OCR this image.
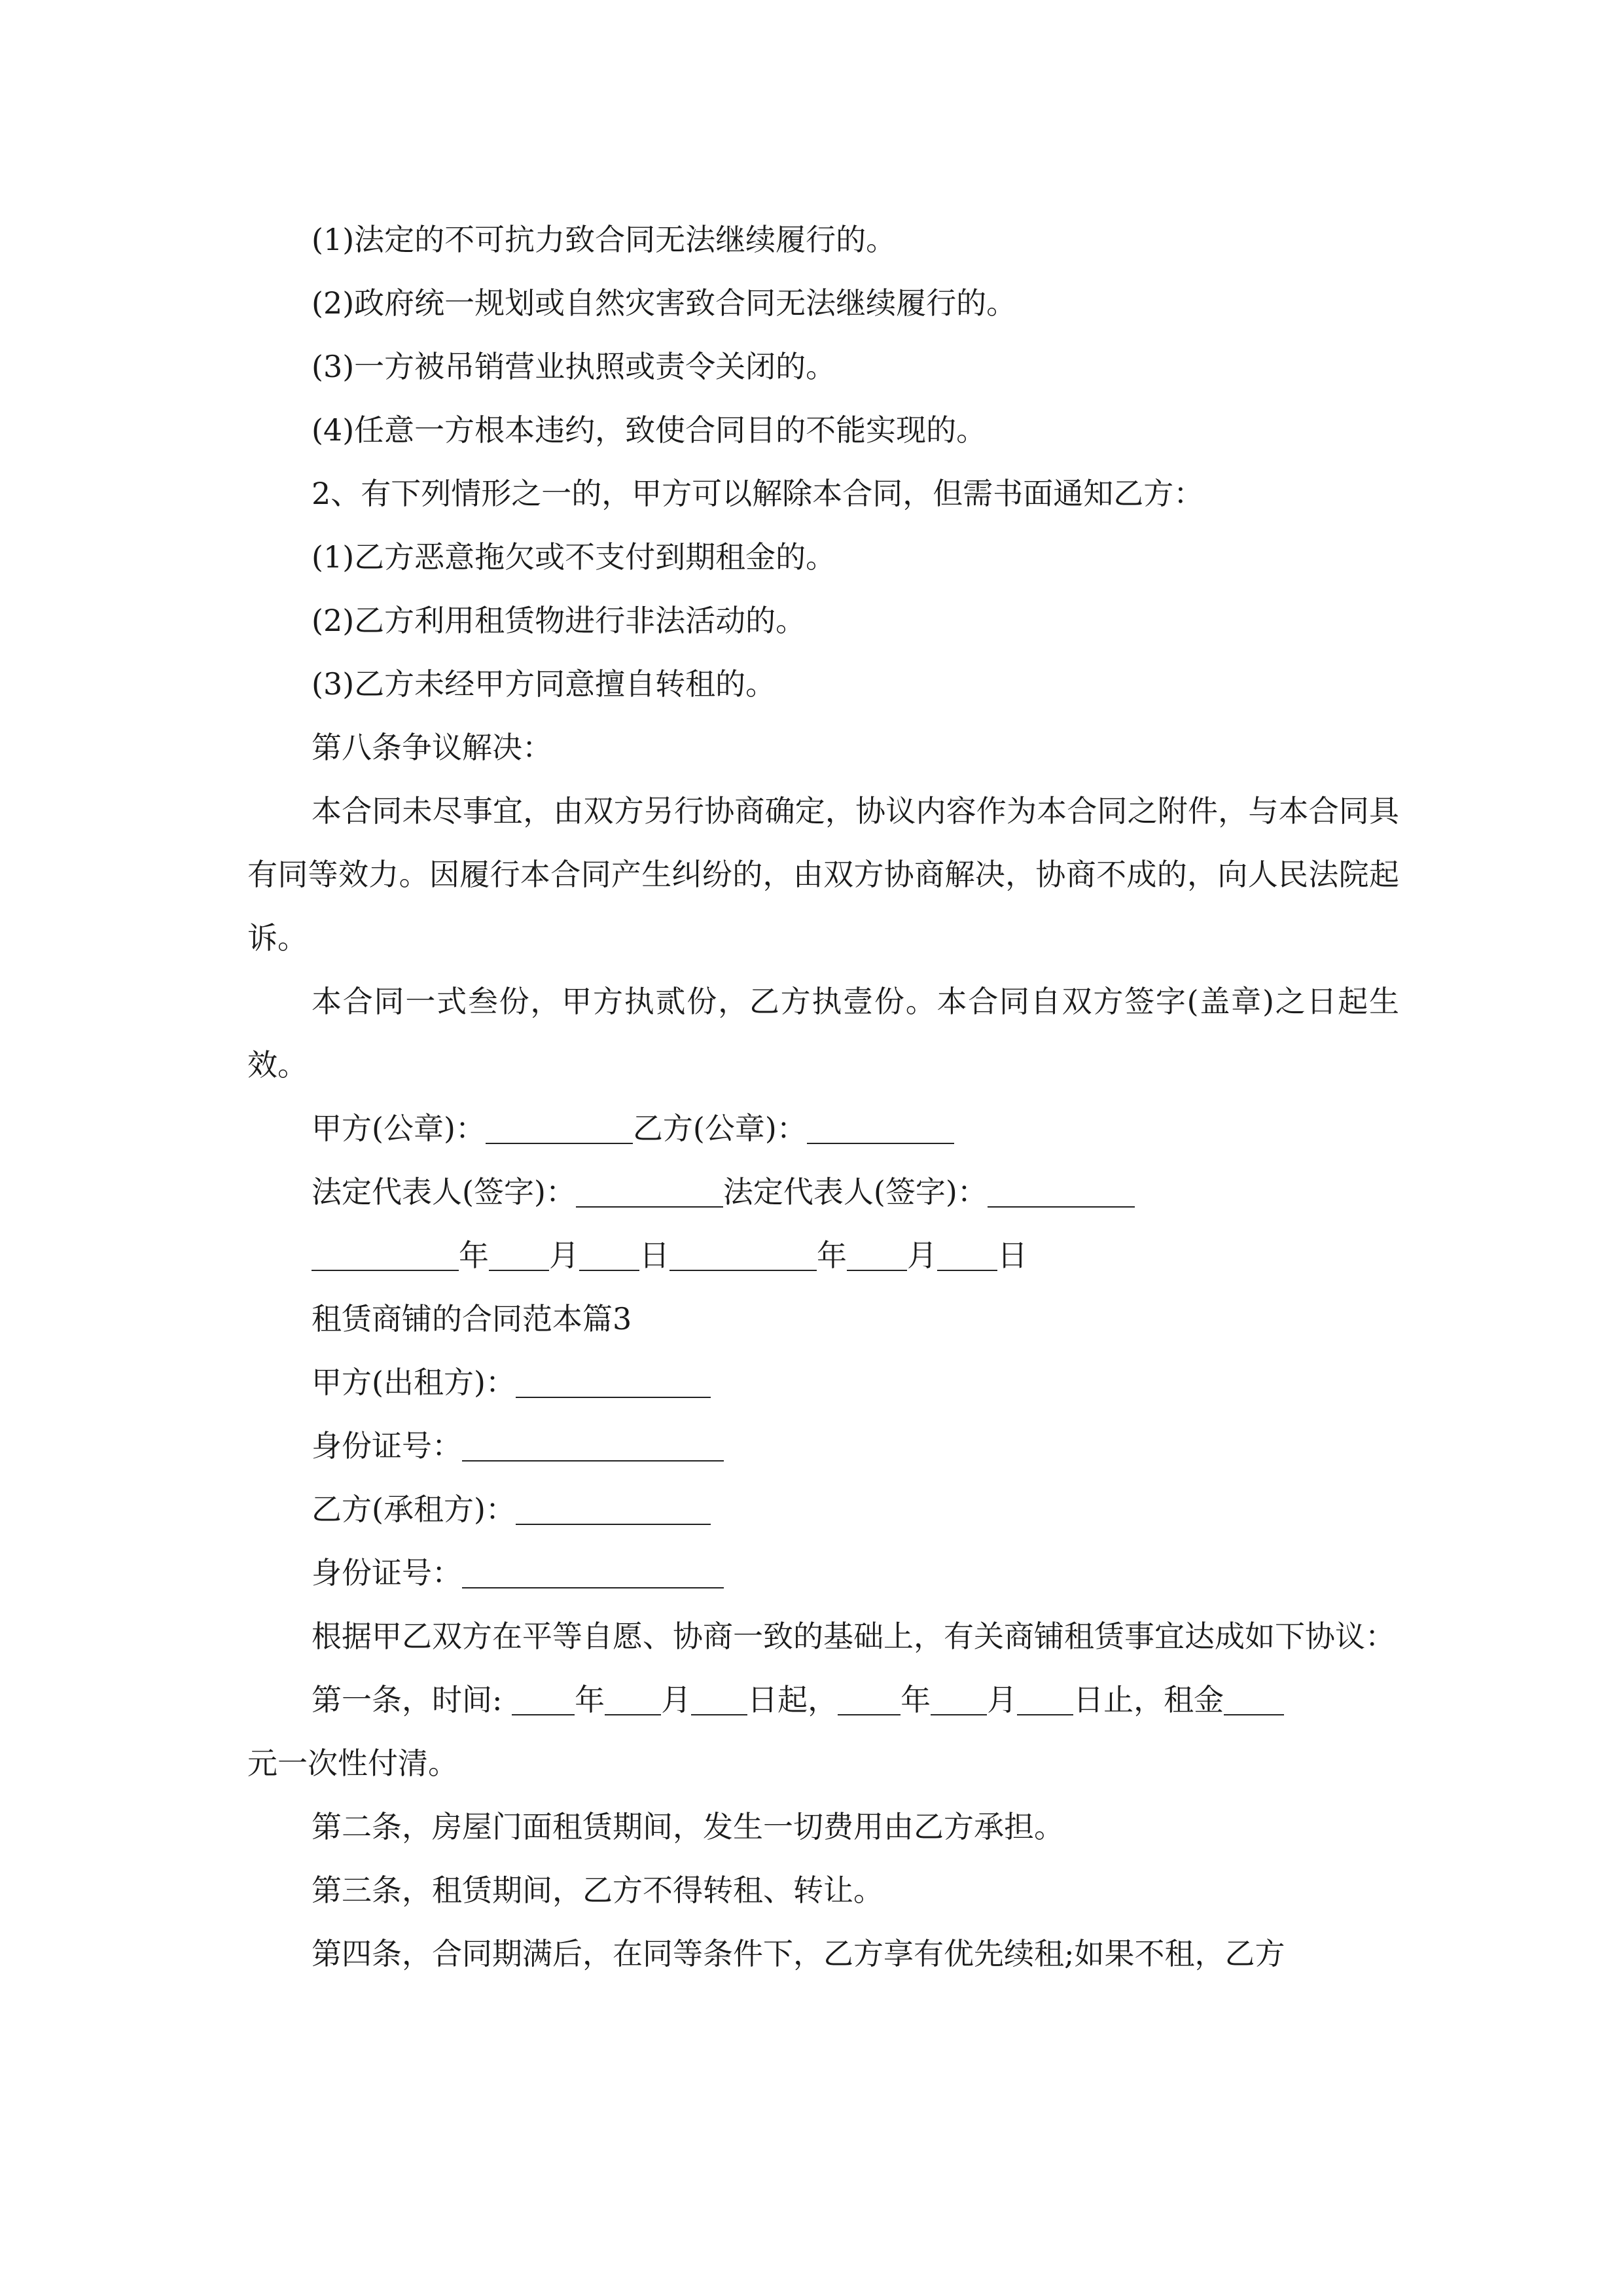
(1)法定的不可抗力致合同无法继续履行的。

(2)政府统一规划或自然灾害致合同无法继续履行的。

(3)一方被吊销营业执照或责令关闭的。

(4)任意一方根本违约，致使合同目的不能实现的。

2、有下列情形之一的，甲方可以解除本合同，但需书面通知乙方：

(1)乙方恶意拖欠或不支付到期租金的。

(2)乙方利用租赁物进行非法活动的。

(3)乙方未经甲方同意擅自转租的。

第八条争议解决：

本合同未尽事宜，由双方另行协商确定，协议内容作为本合同之附件，与本合同具有同等效力。因履行本合同产生纠纷的，由双方协商解决，协商不成的，向人民法院起诉。

本合同一式叁份，甲方执贰份，乙方执壹份。本合同自双方签字(盖章)之日起生效。

甲方(公章)：	乙方(公章)：

法定代表人(签字)：	法定代表人(签字)：

年 月 日	年 月 日

租赁商铺的合同范本篇3

甲方(出租方)：

身份证号：

乙方(承租方)：

身份证号：

根据甲乙双方在平等自愿、协商一致的基础上，有关商铺租赁事宜达成如下协议：

第一条，时间: 年 月 日起， 年 月 日止，租金

元一次性付清。

第二条，房屋门面租赁期间，发生一切费用由乙方承担。

第三条，租赁期间，乙方不得转租、转让。

第四条，合同期满后，在同等条件下，乙方享有优先续租;如果不租，乙方
